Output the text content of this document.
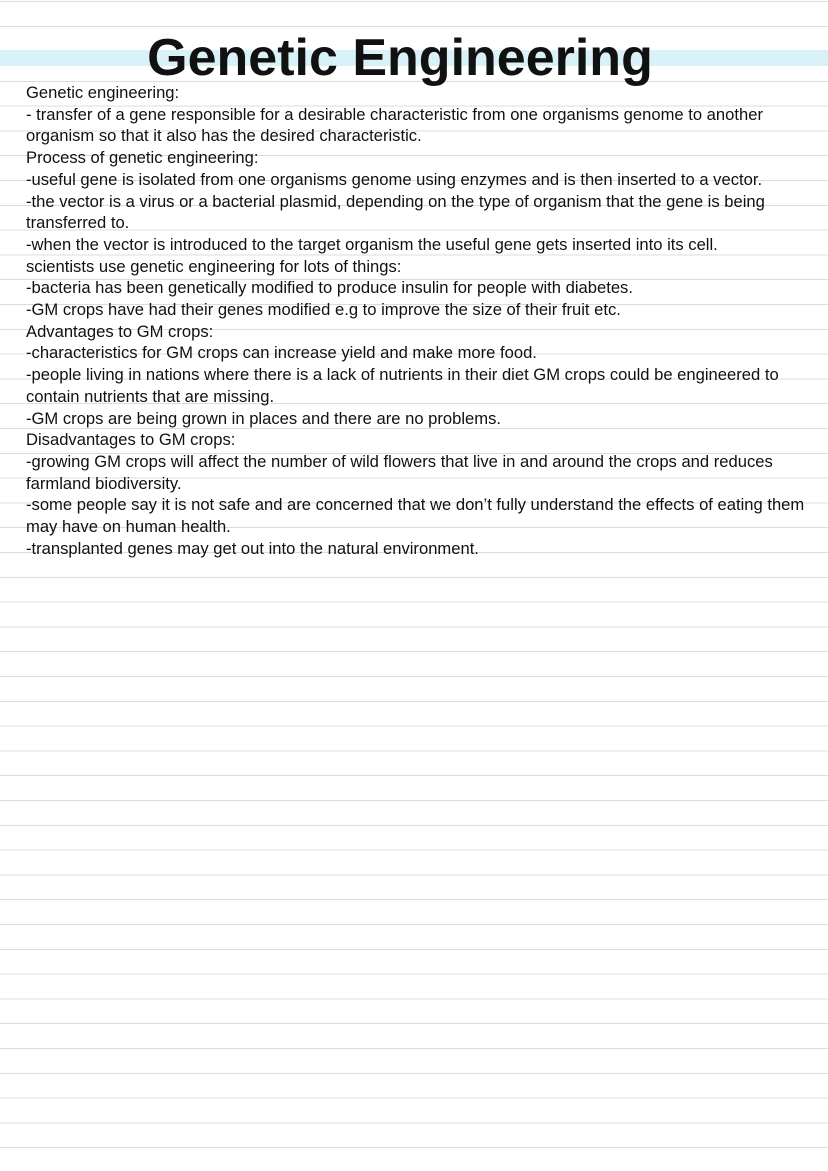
Genetic Engineering
Genetic engineering:
- transfer of a gene responsible for a desirable characteristic from one organisms genome to another organism so that it also has the desired characteristic.
Process of genetic engineering:
-useful gene is isolated from one organisms genome using enzymes and is then inserted to a vector.
-the vector is a virus or a bacterial plasmid, depending on the type of organism that the gene is being transferred to.
-when the vector is introduced to the target organism the useful gene gets inserted into its cell.
scientists use genetic engineering for lots of things:
-bacteria has been genetically modified to produce insulin for people with diabetes.
-GM crops have had their genes modified e.g to improve the size of their fruit etc.
Advantages to GM crops:
-characteristics for GM crops can increase yield and make more food.
-people living in nations where there is a lack of nutrients in their diet GM crops could be engineered to contain nutrients that are missing.
-GM crops are being grown in places and there are no problems.
Disadvantages to GM crops:
-growing GM crops will affect the number of wild flowers that live in and around the crops and reduces farmland biodiversity.
-some people say it is not safe and are concerned that we don’t fully understand the effects of eating them may have on human health.
-transplanted genes may get out into the natural environment.
